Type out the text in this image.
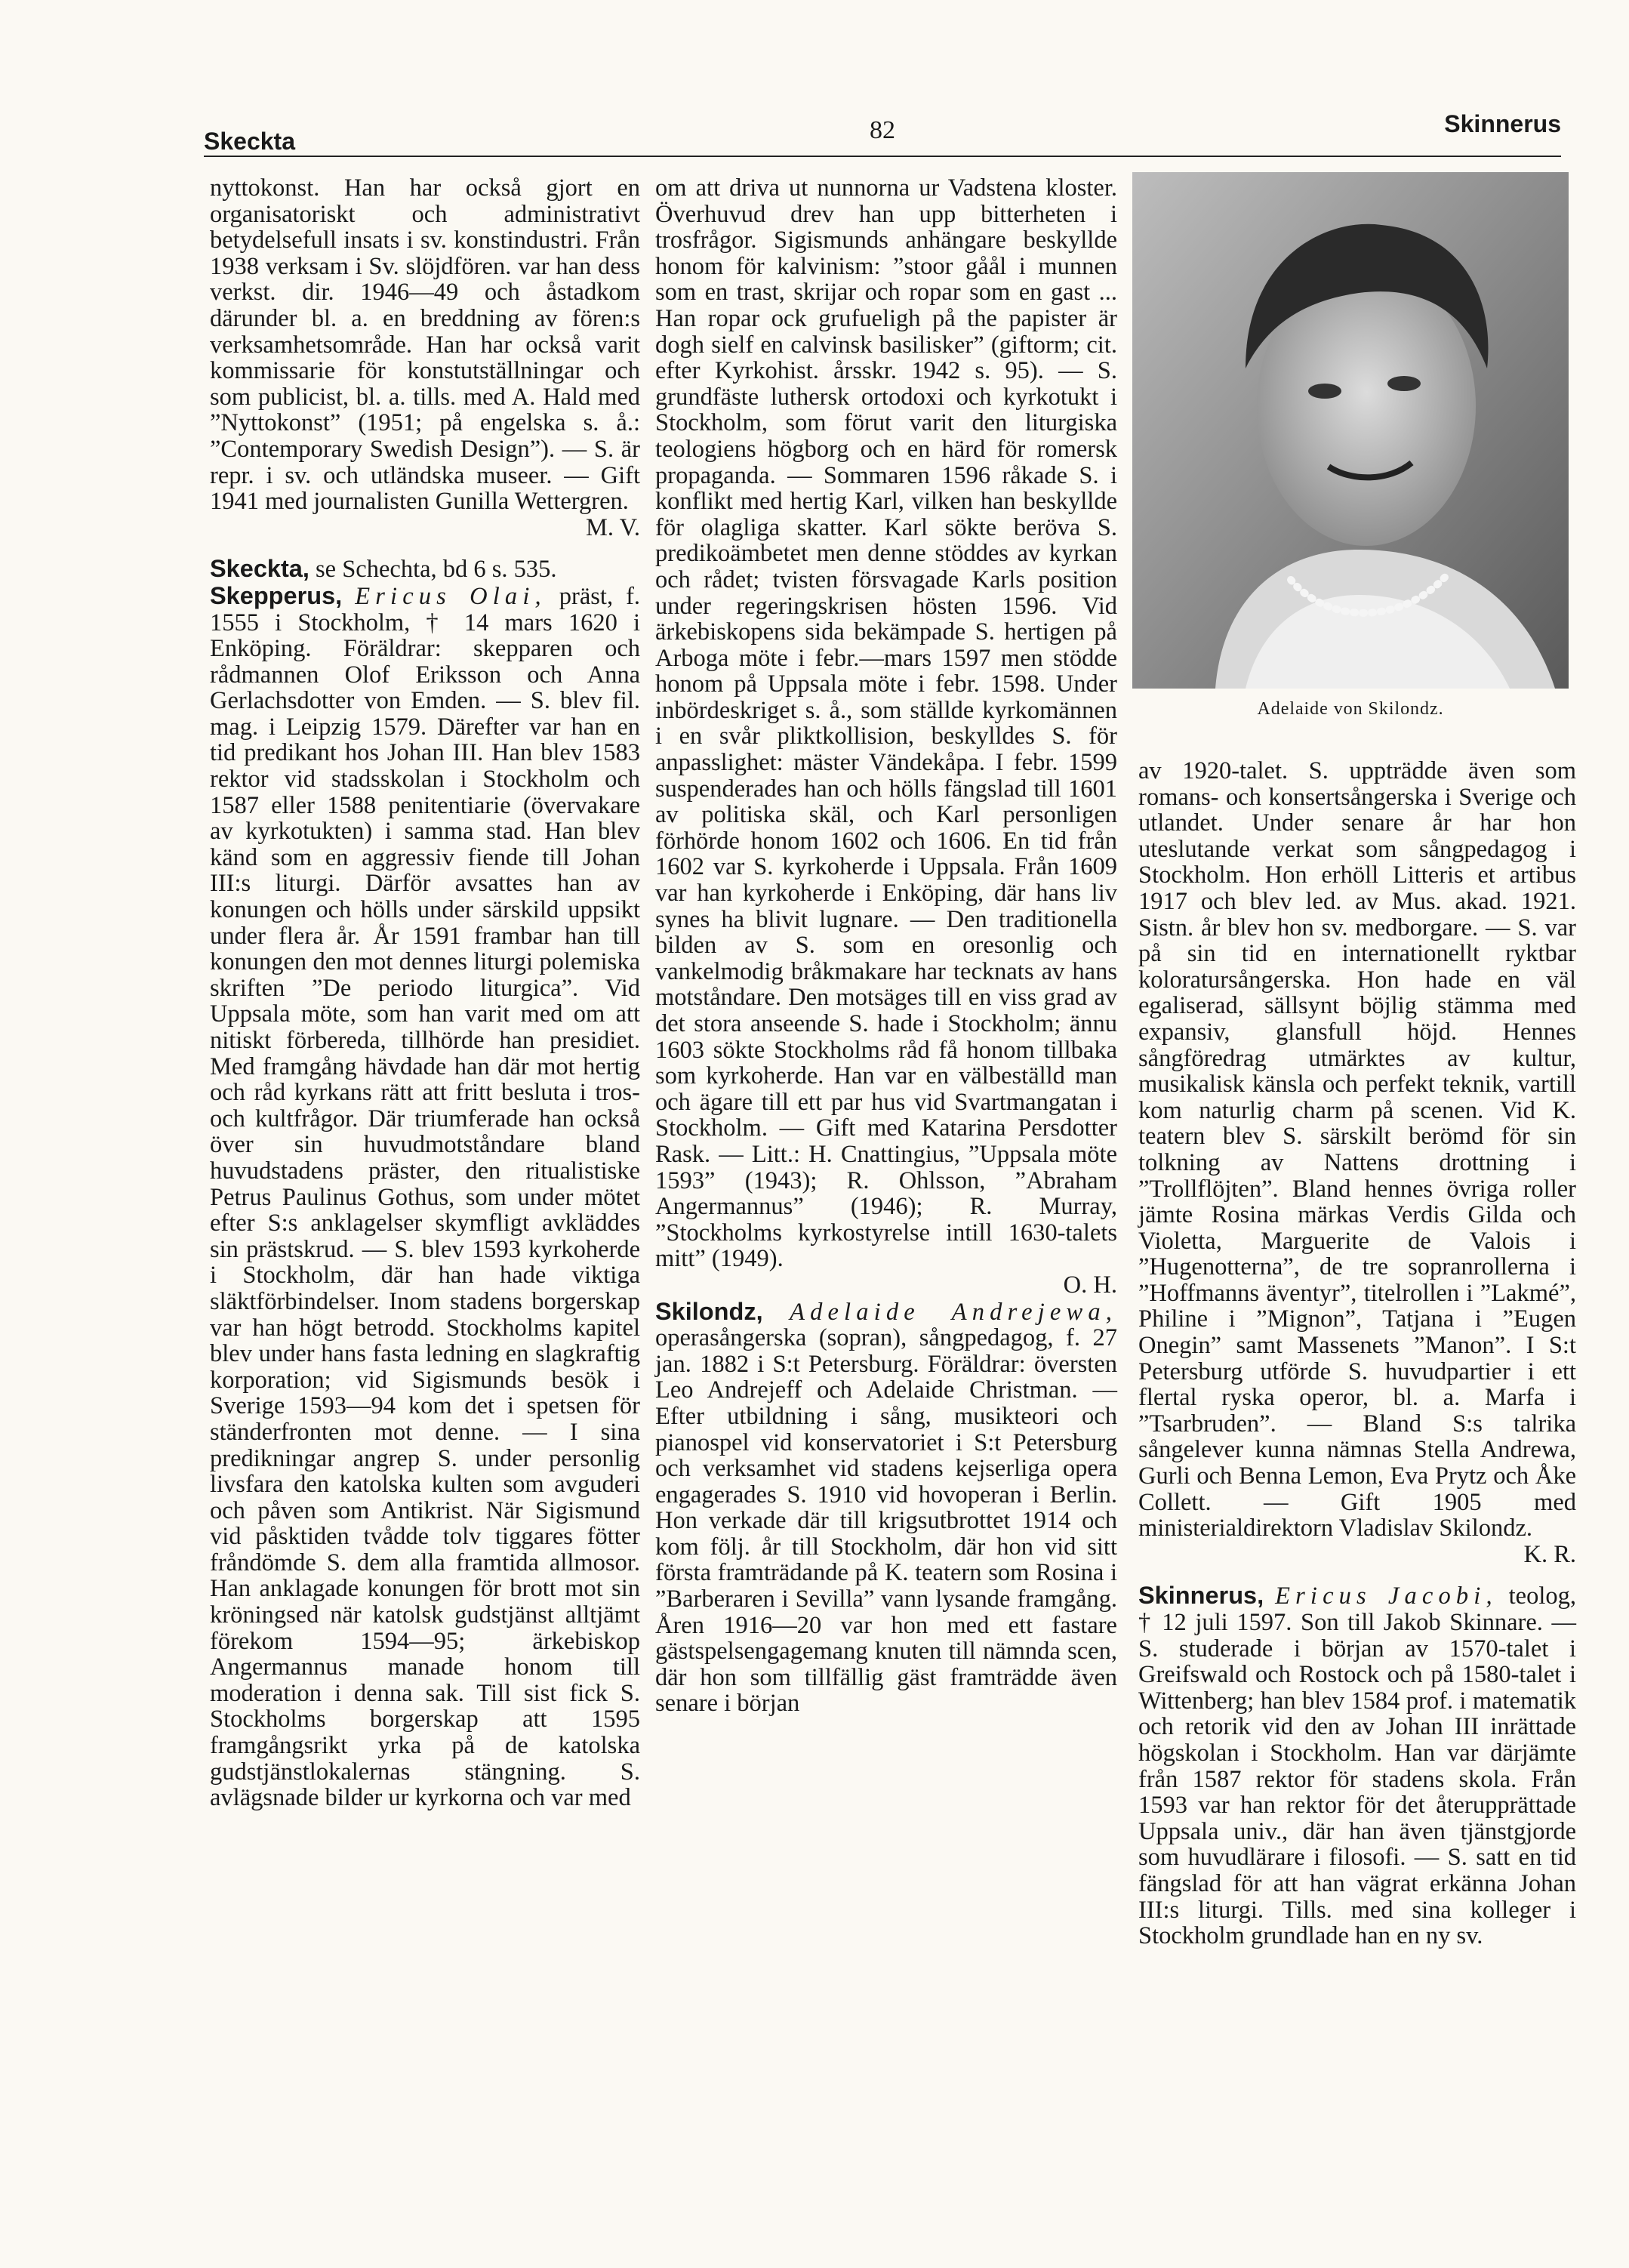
Skeckta	82	Skinnerus

nyttokonst. Han har också gjort en organisatoriskt och administrativt betydelsefull insats i sv. konstindustri. Från 1938 verksam i Sv. slöjdfören. var han dess verkst. dir. 1946—49 och åstadkom därunder bl. a. en breddning av fören:s verksamhetsområde. Han har också varit kommissarie för konstutställningar och som publicist, bl. a. tills. med A. Hald med ”Nyttokonst” (1951; på engelska s. å.: ”Contemporary Swedish Design”). — S. är repr. i sv. och utländska museer. — Gift 1941 med journalisten Gunilla Wettergren.

M. V.

Skeckta, se Schechta, bd 6 s. 535.

Skepperus, Ericus Olai, präst, f. 1555 i Stockholm, † 14 mars 1620 i Enköping. Föräldrar: skepparen och rådmannen Olof Eriksson och Anna Gerlachsdotter von Emden. — S. blev fil. mag. i Leipzig 1579. Därefter var han en tid predikant hos Johan III. Han blev 1583 rektor vid stadsskolan i Stockholm och 1587 eller 1588 penitentiarie (övervakare av kyrkotukten) i samma stad. Han blev känd som en aggressiv fiende till Johan III:s liturgi. Därför avsattes han av konungen och hölls under särskild uppsikt under flera år. År 1591 frambar han till konungen den mot dennes liturgi polemiska skriften ”De periodo liturgica”. Vid Uppsala möte, som han varit med om att nitiskt förbereda, tillhörde han presidiet. Med framgång hävdade han där mot hertig och råd kyrkans rätt att fritt besluta i tros- och kultfrågor. Där triumferade han också över sin huvudmotståndare bland huvudstadens präster, den ritualistiske Petrus Paulinus Gothus, som under mötet efter S:s anklagelser skymfligt avkläddes sin prästskrud. — S. blev 1593 kyrkoherde i Stockholm, där han hade viktiga släktförbindelser. Inom stadens borgerskap var han högt betrodd. Stockholms kapitel blev under hans fasta ledning en slagkraftig korporation; vid Sigismunds besök i Sverige 1593—94 kom det i spetsen för ständerfronten mot denne. — I sina predikningar angrep S. under personlig livsfara den katolska kulten som avguderi och påven som Antikrist. När Sigismund vid påsktiden tvådde tolv tiggares fötter fråndömde S. dem alla framtida allmosor. Han anklagade konungen för brott mot sin kröningsed när katolsk gudstjänst alltjämt förekom 1594—95; ärkebiskop Angermannus manade honom till moderation i denna sak. Till sist fick S. Stockholms borgerskap att 1595 framgångsrikt yrka på de katolska gudstjänstlokalernas stängning. S. avlägsnade bilder ur kyrkorna och var med

om att driva ut nunnorna ur Vadstena kloster. Överhuvud drev han upp bitterheten i trosfrågor. Sigismunds anhängare beskyllde honom för kalvinism: ”stoor gåål i munnen som en trast, skrijar och ropar som en gast ... Han ropar ock grufueligh på the papister är dogh sielf en calvinsk basilisker” (giftorm; cit. efter Kyrkohist. årsskr. 1942 s. 95). — S. grundfäste luthersk ortodoxi och kyrkotukt i Stockholm, som förut varit den liturgiska teologiens högborg och en härd för romersk propaganda. — Sommaren 1596 råkade S. i konflikt med hertig Karl, vilken han beskyllde för olagliga skatter. Karl sökte beröva S. predikoämbetet men denne stöddes av kyrkan och rådet; tvisten försvagade Karls position under regeringskrisen hösten 1596. Vid ärkebiskopens sida bekämpade S. hertigen på Arboga möte i febr.—mars 1597 men stödde honom på Uppsala möte i febr. 1598. Under inbördeskriget s. å., som ställde kyrkomännen i en svår pliktkollision, beskylldes S. för anpasslighet: mäster Vändekåpa. I febr. 1599 suspenderades han och hölls fängslad till 1601 av politiska skäl, och Karl personligen förhörde honom 1602 och 1606. En tid från 1602 var S. kyrkoherde i Uppsala. Från 1609 var han kyrkoherde i Enköping, där hans liv synes ha blivit lugnare. — Den traditionella bilden av S. som en oresonlig och vankelmodig bråkmakare har tecknats av hans motståndare. Den motsäges till en viss grad av det stora anseende S. hade i Stockholm; ännu 1603 sökte Stockholms råd få honom tillbaka som kyrkoherde. Han var en välbeställd man och ägare till ett par hus vid Svartmangatan i Stockholm. — Gift med Katarina Persdotter Rask. — Litt.: H. Cnattingius, ”Uppsala möte 1593” (1943); R. Ohlsson, ”Abraham Angermannus” (1946); R. Murray, ”Stockholms kyrkostyrelse intill 1630-talets mitt” (1949).

O. H.

Skilondz, Adelaide Andrejewa, operasångerska (sopran), sångpedagog, f. 27 jan. 1882 i S:t Petersburg. Föräldrar: översten Leo Andrejeff och Adelaide Christman. — Efter utbildning i sång, musikteori och pianospel vid konservatoriet i S:t Petersburg och verksamhet vid stadens kejserliga opera engagerades S. 1910 vid hovoperan i Berlin. Hon verkade där till krigsutbrottet 1914 och kom följ. år till Stockholm, där hon vid sitt första framträdande på K. teatern som Rosina i ”Barberaren i Sevilla” vann lysande framgång. Åren 1916—20 var hon med ett fastare gästspelsengagemang knuten till nämnda scen, där hon som tillfällig gäst framträdde även senare i början

Adelaide von Skilondz.

av 1920-talet. S. uppträdde även som romans- och konsertsångerska i Sverige och utlandet. Under senare år har hon uteslutande verkat som sångpedagog i Stockholm. Hon erhöll Litteris et artibus 1917 och blev led. av Mus. akad. 1921. Sistn. år blev hon sv. medborgare. — S. var på sin tid en internationellt ryktbar koloratursångerska. Hon hade en väl egaliserad, sällsynt böjlig stämma med expansiv, glansfull höjd. Hennes sångföredrag utmärktes av kultur, musikalisk känsla och perfekt teknik, vartill kom naturlig charm på scenen. Vid K. teatern blev S. särskilt berömd för sin tolkning av Nattens drottning i ”Trollflöjten”. Bland hennes övriga roller jämte Rosina märkas Verdis Gilda och Violetta, Marguerite de Valois i ”Hugenotterna”, de tre sopranrollerna i ”Hoffmanns äventyr”, titelrollen i ”Lakmé”, Philine i ”Mignon”, Tatjana i ”Eugen Onegin” samt Massenets ”Manon”. I S:t Petersburg utförde S. huvudpartier i ett flertal ryska operor, bl. a. Marfa i ”Tsarbruden”. — Bland S:s talrika sångelever kunna nämnas Stella Andrewa, Gurli och Benna Lemon, Eva Prytz och Åke Collett. — Gift 1905 med ministerialdirektorn Vladislav Skilondz.

K. R.

Skinnerus, Ericus Jacobi, teolog, † 12 juli 1597. Son till Jakob Skinnare. — S. studerade i början av 1570-talet i Greifswald och Rostock och på 1580-talet i Wittenberg; han blev 1584 prof. i matematik och retorik vid den av Johan III inrättade högskolan i Stockholm. Han var därjämte från 1587 rektor för stadens skola. Från 1593 var han rektor för det återupprättade Uppsala univ., där han även tjänstgjorde som huvudlärare i filosofi. — S. satt en tid fängslad för att han vägrat erkänna Johan III:s liturgi. Tills. med sina kolleger i Stockholm grundlade han en ny sv.
